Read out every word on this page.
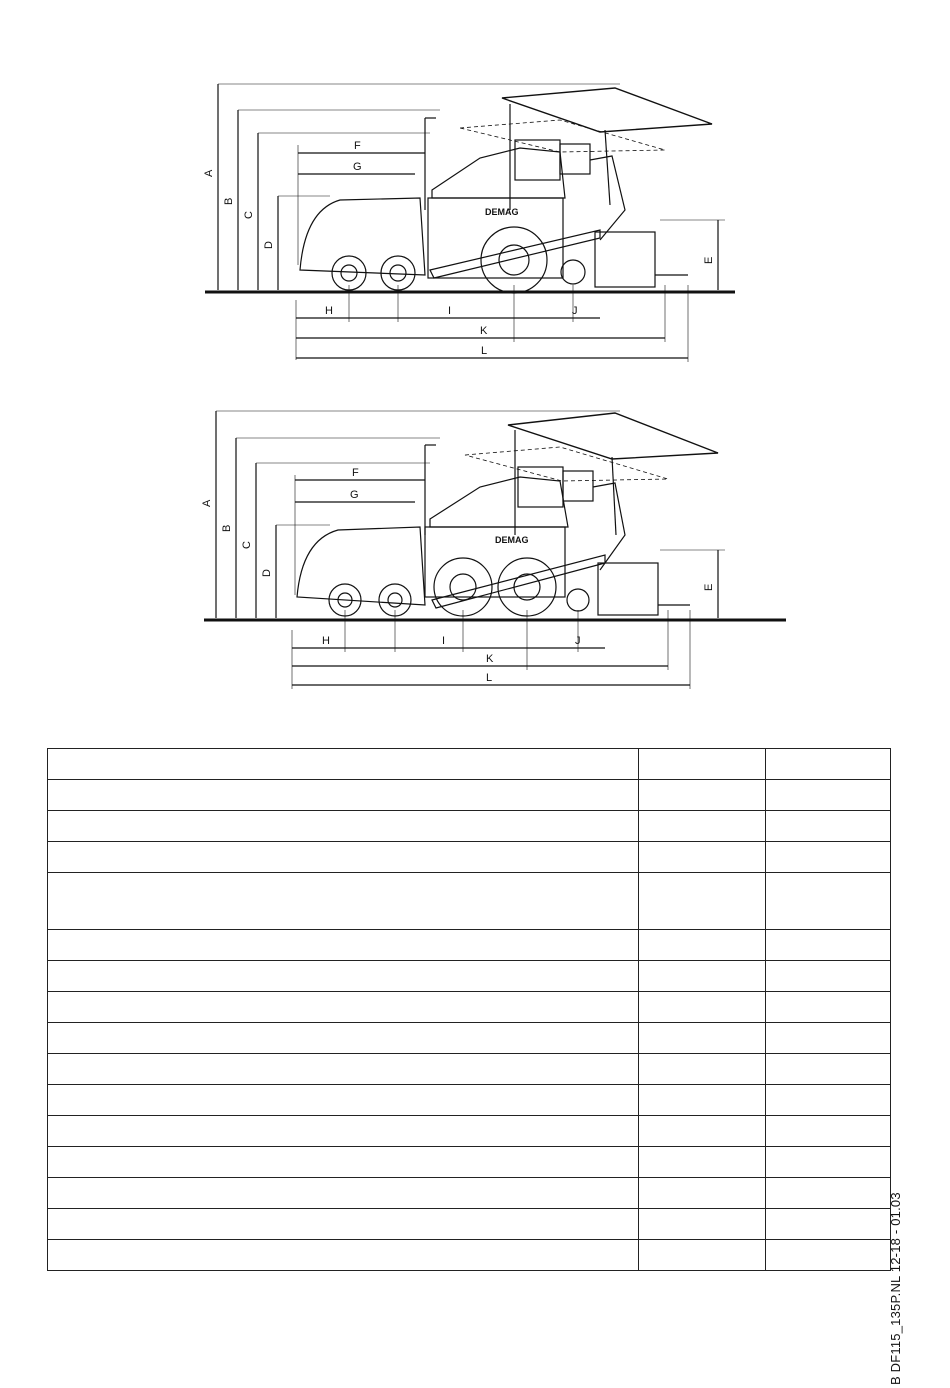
A
B
C
D
E
F
G
H	I	J
K
L
DEMAG
A
B
C
D
E
F
G
H	I	J
K
L
DEMAG

B DF115_135P.NL 12-18 - 01.03
